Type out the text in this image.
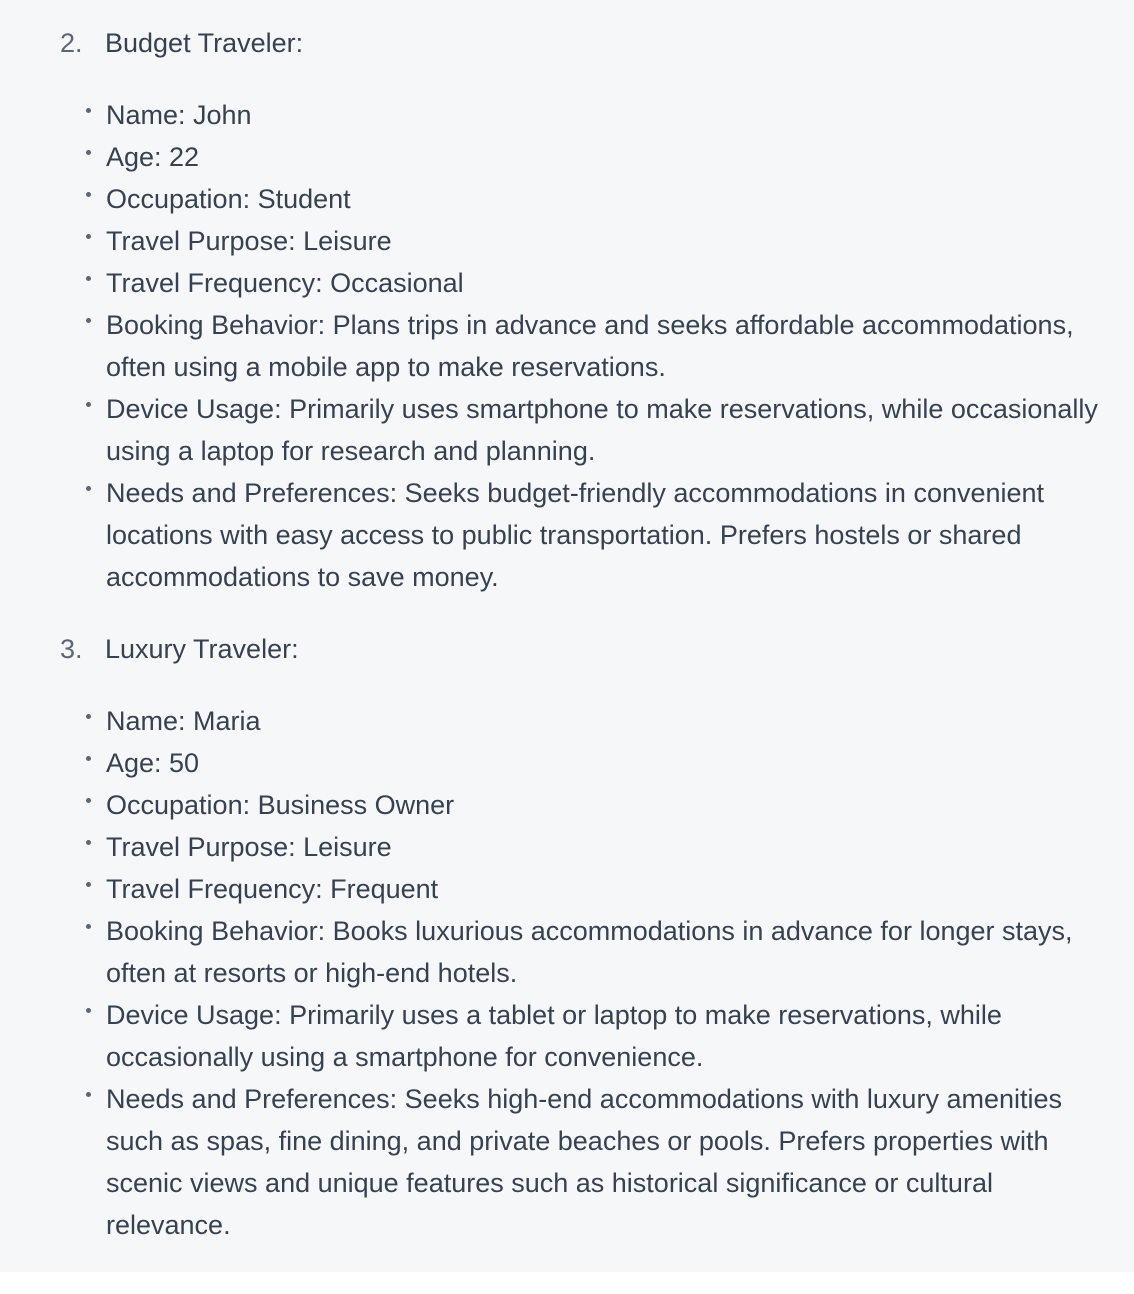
2. Budget Traveler:
Name: John
Age: 22
Occupation: Student
Travel Purpose: Leisure
Travel Frequency: Occasional
Booking Behavior: Plans trips in advance and seeks affordable accommodations, often using a mobile app to make reservations.
Device Usage: Primarily uses smartphone to make reservations, while occasionally using a laptop for research and planning.
Needs and Preferences: Seeks budget-friendly accommodations in convenient locations with easy access to public transportation. Prefers hostels or shared accommodations to save money.
3. Luxury Traveler:
Name: Maria
Age: 50
Occupation: Business Owner
Travel Purpose: Leisure
Travel Frequency: Frequent
Booking Behavior: Books luxurious accommodations in advance for longer stays, often at resorts or high-end hotels.
Device Usage: Primarily uses a tablet or laptop to make reservations, while occasionally using a smartphone for convenience.
Needs and Preferences: Seeks high-end accommodations with luxury amenities such as spas, fine dining, and private beaches or pools. Prefers properties with scenic views and unique features such as historical significance or cultural relevance.
